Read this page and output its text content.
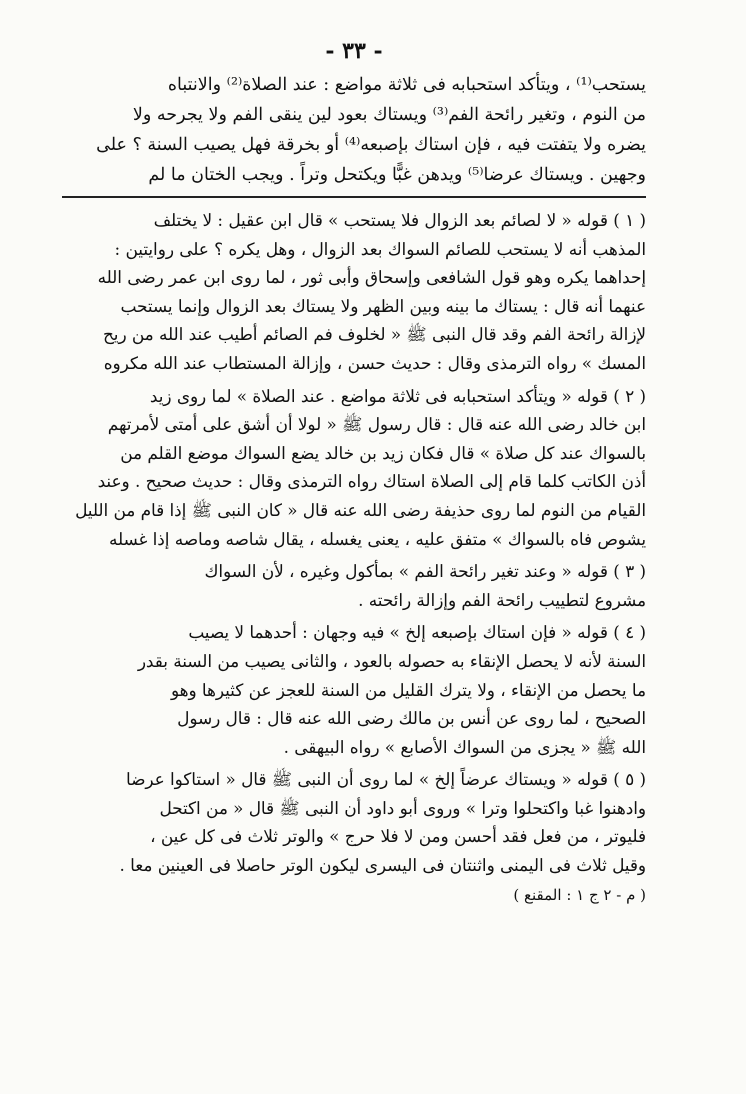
- ٣٣ -

يستحب⁽¹⁾ ، ويتأكد استحبابه فى ثلاثة مواضع : عند الصلاة⁽²⁾ والانتباه

من النوم ، وتغير رائحة الفم⁽³⁾ ويستاك بعود لين ينقى الفم ولا يجرحه ولا

يضره ولا يتفتت فيه ، فإن استاك بإصبعه⁽⁴⁾ أو بخرقة فهل يصيب السنة ؟ على

وجهين . ويستاك عرضا⁽⁵⁾ ويدهن غبًّا ويكتحل وتراً . ويجب الختان ما لم

( ١ ) قوله « لا لصائم بعد الزوال فلا يستحب » قال ابن عقيل : لا يختلف

المذهب أنه لا يستحب للصائم السواك بعد الزوال ، وهل يكره ؟ على روايتين :

إحداهما يكره وهو قول الشافعى وإسحاق وأبى ثور ، لما روى ابن عمر رضى الله

عنهما أنه قال : يستاك ما بينه وبين الظهر ولا يستاك بعد الزوال وإنما يستحب

لإزالة رائحة الفم وقد قال النبى ﷺ « لخلوف فم الصائم أطيب عند الله من ريح

المسك » رواه الترمذى وقال : حديث حسن ، وإزالة المستطاب عند الله مكروه

( ٢ ) قوله « ويتأكد استحبابه فى ثلاثة مواضع . عند الصلاة » لما روى زيد

ابن خالد رضى الله عنه قال : قال رسول ﷺ « لولا أن أشق على أمتى لأمرتهم

بالسواك عند كل صلاة » قال فكان زيد بن خالد يضع السواك موضع القلم من

أذن الكاتب كلما قام إلى الصلاة استاك رواه الترمذى وقال : حديث صحيح . وعند

القيام من النوم لما روى حذيفة رضى الله عنه قال « كان النبى ﷺ إذا قام من الليل

يشوص فاه بالسواك » متفق عليه ، يعنى يغسله ، يقال شاصه وماصه إذا غسله

( ٣ ) قوله « وعند تغير رائحة الفم » بمأكول وغيره ، لأن السواك

مشروع لتطييب رائحة الفم وإزالة رائحته .

( ٤ ) قوله « فإن استاك بإصبعه إلخ » فيه وجهان : أحدهما لا يصيب

السنة لأنه لا يحصل الإنقاء به حصوله بالعود ، والثانى يصيب من السنة بقدر

ما يحصل من الإنقاء ، ولا يترك القليل من السنة للعجز عن كثيرها وهو

الصحيح ، لما روى عن أنس بن مالك رضى الله عنه قال : قال رسول

الله ﷺ « يجزى من السواك الأصابع » رواه البيهقى .

( ٥ ) قوله « ويستاك عرضاً إلخ » لما روى أن النبى ﷺ قال « استاكوا عرضا

وادهنوا غبا واكتحلوا وترا » وروى أبو داود أن النبى ﷺ قال « من اكتحل

فليوتر ، من فعل فقد أحسن ومن لا فلا حرج » والوتر ثلاث فى كل عين ،

وقيل ثلاث فى اليمنى واثنتان فى اليسرى ليكون الوتر حاصلا فى العينين معا .

( م - ٢ ج ١ : المقنع )
